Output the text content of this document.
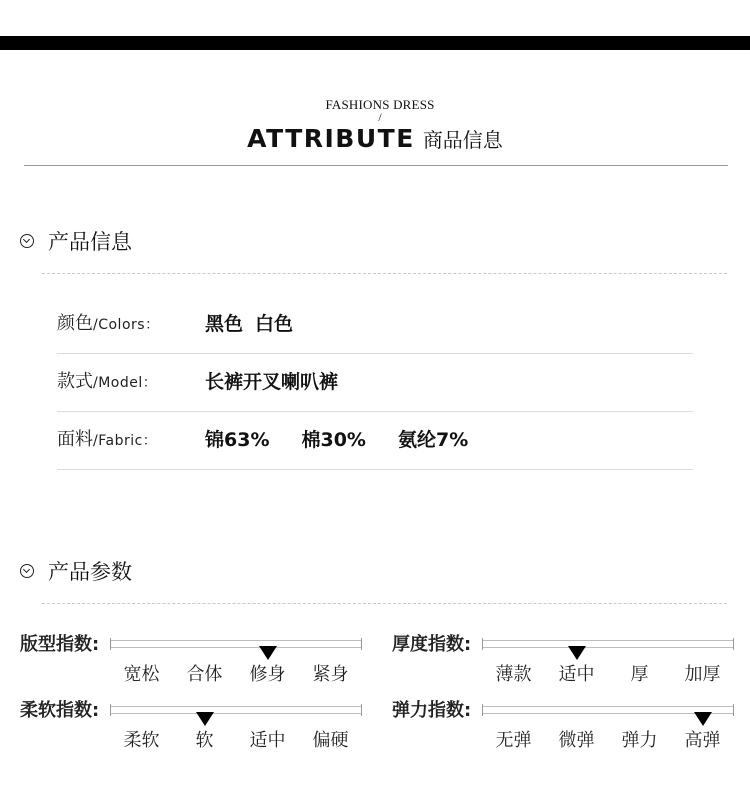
FASHIONS DRESS
/
ATTRIBUTE 商品信息
产品信息
颜色/Colors： 黑色 白色
款式/Model：	长裤开叉喇叭裤
面料/Fabric：	锦63% 棉30% 氨纶7%
产品参数
版型指数:
宽松 合体 修身 紧身
厚度指数:
薄款 适中 厚 加厚
柔软指数:
柔软 软 适中 偏硬
弹力指数:
无弹 微弹 弹力 高弹
